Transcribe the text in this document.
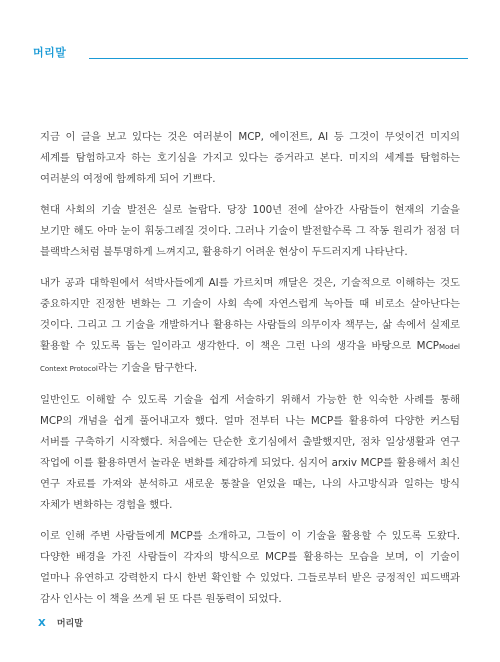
머리말

지금 이 글을 보고 있다는 것은 여러분이 MCP, 에이전트, AI 등 그것이 무엇이건 미지의 세계를 탐험하고자 하는 호기심을 가지고 있다는 증거라고 본다. 미지의 세계를 탐험하는 여러분의 여정에 함께하게 되어 기쁘다.

현대 사회의 기술 발전은 실로 놀랍다. 당장 100년 전에 살아간 사람들이 현재의 기술을 보기만 해도 아마 눈이 휘둥그레질 것이다. 그러나 기술이 발전할수록 그 작동 원리가 점점 더 블랙박스처럼 불투명하게 느껴지고, 활용하기 어려운 현상이 두드러지게 나타난다.

내가 공과 대학원에서 석박사들에게 AI를 가르치며 깨달은 것은, 기술적으로 이해하는 것도 중요하지만 진정한 변화는 그 기술이 사회 속에 자연스럽게 녹아들 때 비로소 살아난다는 것이다. 그리고 그 기술을 개발하거나 활용하는 사람들의 의무이자 책무는, 삶 속에서 실제로 활용할 수 있도록 돕는 일이라고 생각한다. 이 책은 그런 나의 생각을 바탕으로 MCPModel Context Protocol라는 기술을 탐구한다.

일반인도 이해할 수 있도록 기술을 쉽게 서술하기 위해서 가능한 한 익숙한 사례를 통해 MCP의 개념을 쉽게 풀어내고자 했다. 얼마 전부터 나는 MCP를 활용하여 다양한 커스텀 서버를 구축하기 시작했다. 처음에는 단순한 호기심에서 출발했지만, 점차 일상생활과 연구 작업에 이를 활용하면서 놀라운 변화를 체감하게 되었다. 심지어 arxiv MCP를 활용해서 최신 연구 자료를 가져와 분석하고 새로운 통찰을 얻었을 때는, 나의 사고방식과 일하는 방식 자체가 변화하는 경험을 했다.

이로 인해 주변 사람들에게 MCP를 소개하고, 그들이 이 기술을 활용할 수 있도록 도왔다. 다양한 배경을 가진 사람들이 각자의 방식으로 MCP를 활용하는 모습을 보며, 이 기술이 얼마나 유연하고 강력한지 다시 한번 확인할 수 있었다. 그들로부터 받은 긍정적인 피드백과 감사 인사는 이 책을 쓰게 된 또 다른 원동력이 되었다.

X 머리말
